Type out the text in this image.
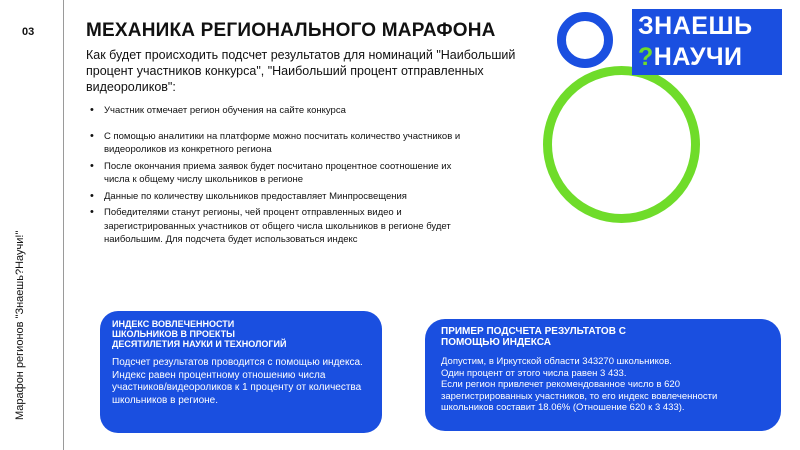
03
Марафон регионов "Знаешь?Научи!"
МЕХАНИКА РЕГИОНАЛЬНОГО МАРАФОНА

Как будет происходить подсчет результатов для номинаций "Наибольший процент участников конкурса", "Наибольший процент отправленных видеороликов":

• Участник отмечает регион обучения на сайте конкурса
• С помощью аналитики на платформе можно посчитать количество участников и видеороликов из конкретного региона
• После окончания приема заявок будет посчитано процентное соотношение их числа к общему числу школьников в регионе
• Данные по количеству школьников предоставляет Минпросвещения
• Победителями станут регионы, чей процент отправленных видео и зарегистрированных участников от общего числа школьников в регионе будет наибольшим. Для подсчета будет использоваться индекс
ЗНАЕШЬ
?НАУЧИ
ИНДЕКС ВОВЛЕЧЕННОСТИ
ШКОЛЬНИКОВ В ПРОЕКТЫ
ДЕСЯТИЛЕТИЯ НАУКИ И ТЕХНОЛОГИЙ
Подсчет результатов проводится с помощью индекса.
Индекс равен процентному отношению числа участников/видеороликов к 1 проценту от количества школьников в регионе.
ПРИМЕР ПОДСЧЕТА РЕЗУЛЬТАТОВ С
ПОМОЩЬЮ ИНДЕКСА
Допустим, в Иркутской области 343270 школьников.
Один процент от этого числа равен 3 433.
Если регион привлечет рекомендованное число в 620 зарегистрированных участников, то его индекс вовлеченности школьников составит 18.06% (Отношение 620 к 3 433).
